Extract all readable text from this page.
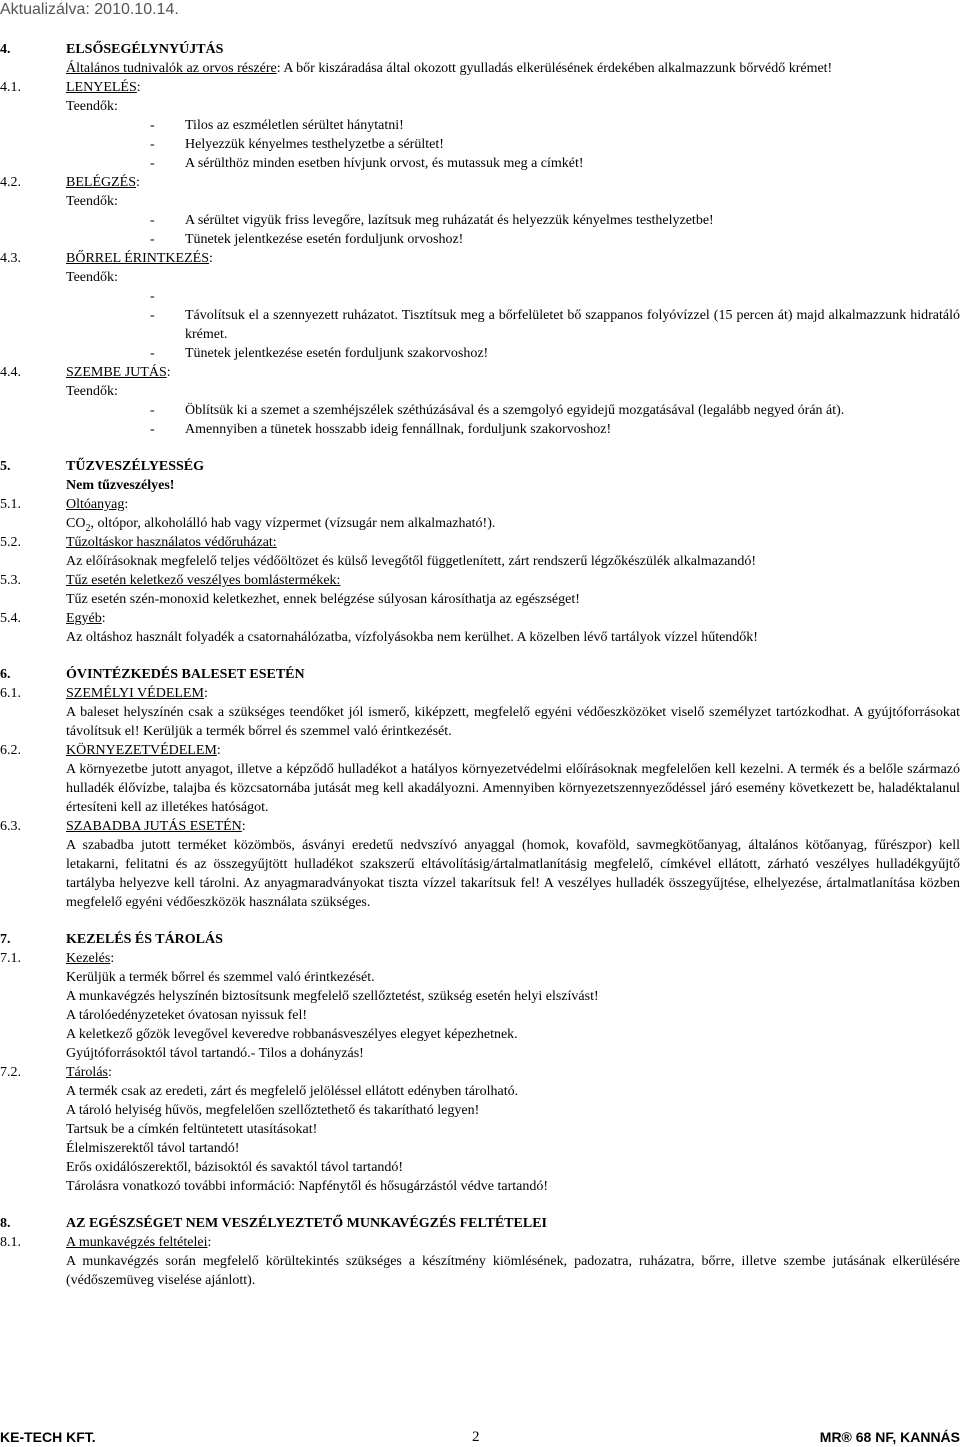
Aktualizálva: 2010.10.14.
4.	ELSŐSEGÉLYNYÚJTÁS
Általános tudnivalók az orvos részére: A bőr kiszáradása által okozott gyulladás elkerülésének érdekében alkalmazzunk bőrvédő krémet!
4.1.	LENYELÉS:
Teendők:
-	Tilos az eszméletlen sérültet hánytatni!
-	Helyezzük kényelmes testhelyzetbe a sérültet!
-	A sérülthöz minden esetben hívjunk orvost, és mutassuk meg a címkét!
4.2.	BELÉGZÉS:
Teendők:
-	A sérültet vigyük friss levegőre, lazítsuk meg ruházatát és helyezzük kényelmes testhelyzetbe!
-	Tünetek jelentkezése esetén forduljunk orvoshoz!
4.3.	BŐRREL ÉRINTKEZÉS:
Teendők:
-

-	Távolítsuk el a szennyezett ruházatot. Tisztítsuk meg a bőrfelületet bő szappanos folyóvízzel (15 percen át) majd alkalmazzunk hidratáló krémet.
-	Tünetek jelentkezése esetén forduljunk szakorvoshoz!
4.4.	SZEMBE JUTÁS:
Teendők:
-	Öblítsük ki a szemet a szemhéjszélek széthúzásával és a szemgolyó egyidejű mozgatásával (legalább negyed órán át).
-	Amennyiben a tünetek hosszabb ideig fennállnak, forduljunk szakorvoshoz!
5.	TŰZVESZÉLYESSÉG
Nem tűzveszélyes!
5.1.	Oltóanyag:
$CO_2$, oltópor, alkoholálló hab vagy vízpermet (vízsugár nem alkalmazható!).
5.2.	Tűzoltáskor használatos védőruházat:
Az előírásoknak megfelelő teljes védőöltözet és külső levegőtől függetlenített, zárt rendszerű légzőkészülék alkalmazandó!
5.3.	Tűz esetén keletkező veszélyes bomlástermékek:
Tűz esetén szén-monoxid keletkezhet, ennek belégzése súlyosan károsíthatja az egészséget!
5.4.	Egyéb:
Az oltáshoz használt folyadék a csatornahálózatba, vízfolyásokba nem kerülhet. A közelben lévő tartályok vízzel hűtendők!
6.	ÓVINTÉZKEDÉS BALESET ESETÉN
6.1.	SZEMÉLYI VÉDELEM:
A baleset helyszínén csak a szükséges teendőket jól ismerő, kiképzett, megfelelő egyéni védőeszközöket viselő személyzet tartózkodhat. A gyújtóforrásokat távolítsuk el! Kerüljük a termék bőrrel és szemmel való érintkezését.
6.2.	KÖRNYEZETVÉDELEM:
A környezetbe jutott anyagot, illetve a képződő hulladékot a hatályos környezetvédelmi előírásoknak megfelelően kell kezelni. A termék és a belőle származó hulladék élővízbe, talajba és közcsatornába jutását meg kell akadályozni. Amennyiben környezetszennyeződéssel járó esemény következett be, haladéktalanul értesíteni kell az illetékes hatóságot.
6.3.	SZABADBA JUTÁS ESETÉN:
A szabadba jutott terméket közömbös, ásványi eredetű nedvszívó anyaggal (homok, kovaföld, savmegkötőanyag, általános kötőanyag, fűrészpor) kell letakarni, felitatni és az összegyűjtött hulladékot szakszerű eltávolításig/ártalmatlanításig megfelelő, címkével ellátott, zárható veszélyes hulladékgyűjtő tartályba helyezve kell tárolni. Az anyagmaradványokat tiszta vízzel takarítsuk fel! A veszélyes hulladék összegyűjtése, elhelyezése, ártalmatlanítása közben megfelelő egyéni védőeszközök használata szükséges.
7.	KEZELÉS ÉS TÁROLÁS
7.1.	Kezelés:
Kerüljük a termék bőrrel és szemmel való érintkezését.
A munkavégzés helyszínén biztosítsunk megfelelő szellőztetést, szükség esetén helyi elszívást!
A tárolóedényzeteket óvatosan nyissuk fel!
A keletkező gőzök levegővel keveredve robbanásveszélyes elegyet képezhetnek.
Gyújtóforrásoktól távol tartandó.- Tilos a dohányzás!
7.2.	Tárolás:
A termék csak az eredeti, zárt és megfelelő jelöléssel ellátott edényben tárolható.
A tároló helyiség hűvös, megfelelően szellőztethető és takarítható legyen!
Tartsuk be a címkén feltüntetett utasításokat!
Élelmiszerektől távol tartandó!
Erős oxidálószerektől, bázisoktól és savaktól távol tartandó!
Tárolásra vonatkozó további információ: Napfénytől és hősugárzástól védve tartandó!
8.	AZ EGÉSZSÉGET NEM VESZÉLYEZTETŐ MUNKAVÉGZÉS FELTÉTELEI
8.1.	A munkavégzés feltételei:
A munkavégzés során megfelelő körültekintés szükséges a készítmény kiömlésének, padozatra, ruházatra, bőrre, illetve szembe jutásának elkerülésére (védőszemüveg viselése ajánlott).
KE-TECH KFT.	2	MR® 68 NF, KANNÁS
